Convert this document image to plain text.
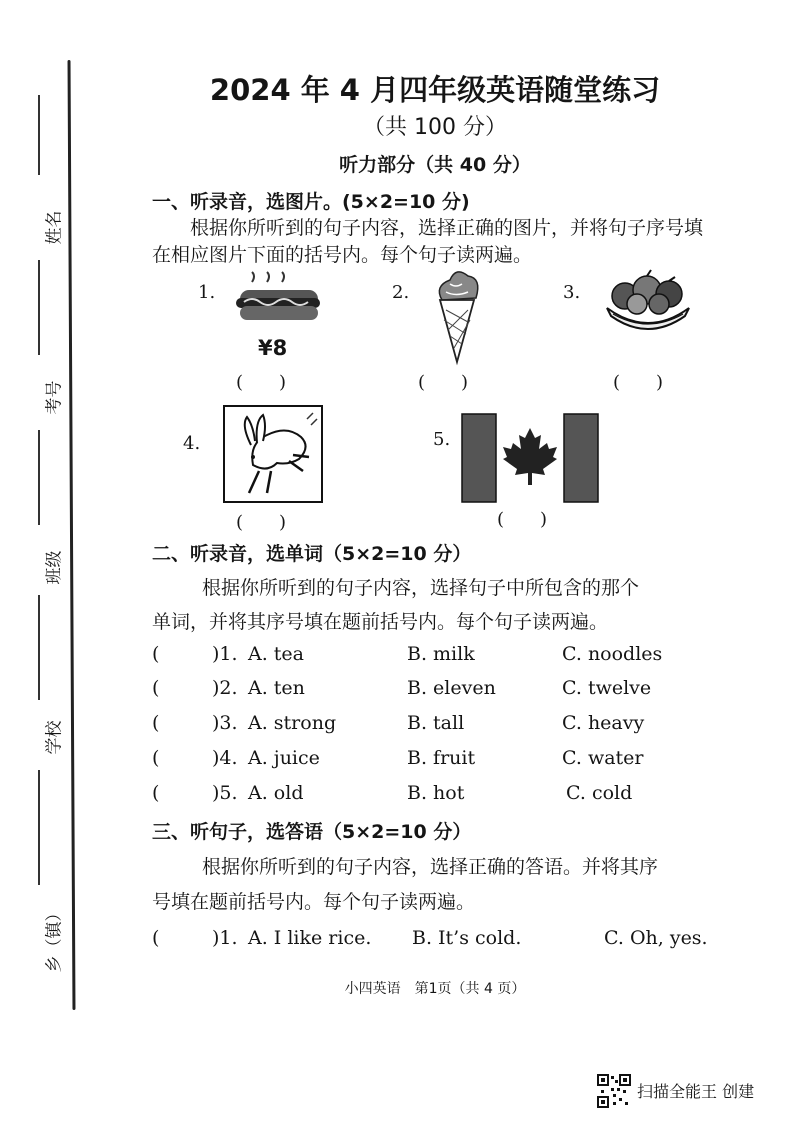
姓名
考号
班级
学校
乡（镇）
2024 年 4 月四年级英语随堂练习
（共 100 分）
听力部分（共 40 分）
一、听录音，选图片。(5×2=10 分)
根据你所听到的句子内容，选择正确的图片，并将句子序号填
在相应图片下面的括号内。每个句子读两遍。
1.
¥8
(　　)
2.
(　　)
3.
(　　)
4.
(　　)
5.
(　　)
二、听录音，选单词（5×2=10 分）
根据你所听到的句子内容，选择句子中所包含的那个
单词，并将其序号填在题前括号内。每个句子读两遍。
(	)1. A. tea	B. milk	C. noodles
(	)2. A. ten	B. eleven	C. twelve
(	)3. A. strong	B. tall	C. heavy
(	)4. A. juice	B. fruit	C. water
(	)5. A. old	B. hot	C. cold
三、听句子，选答语（5×2=10 分）
根据你所听到的句子内容，选择正确的答语。并将其序
号填在题前括号内。每个句子读两遍。
(	)1. A. I like rice. B. It’s cold.	C. Oh, yes.
小四英语　第1页（共 4 页）
扫描全能王 创建
